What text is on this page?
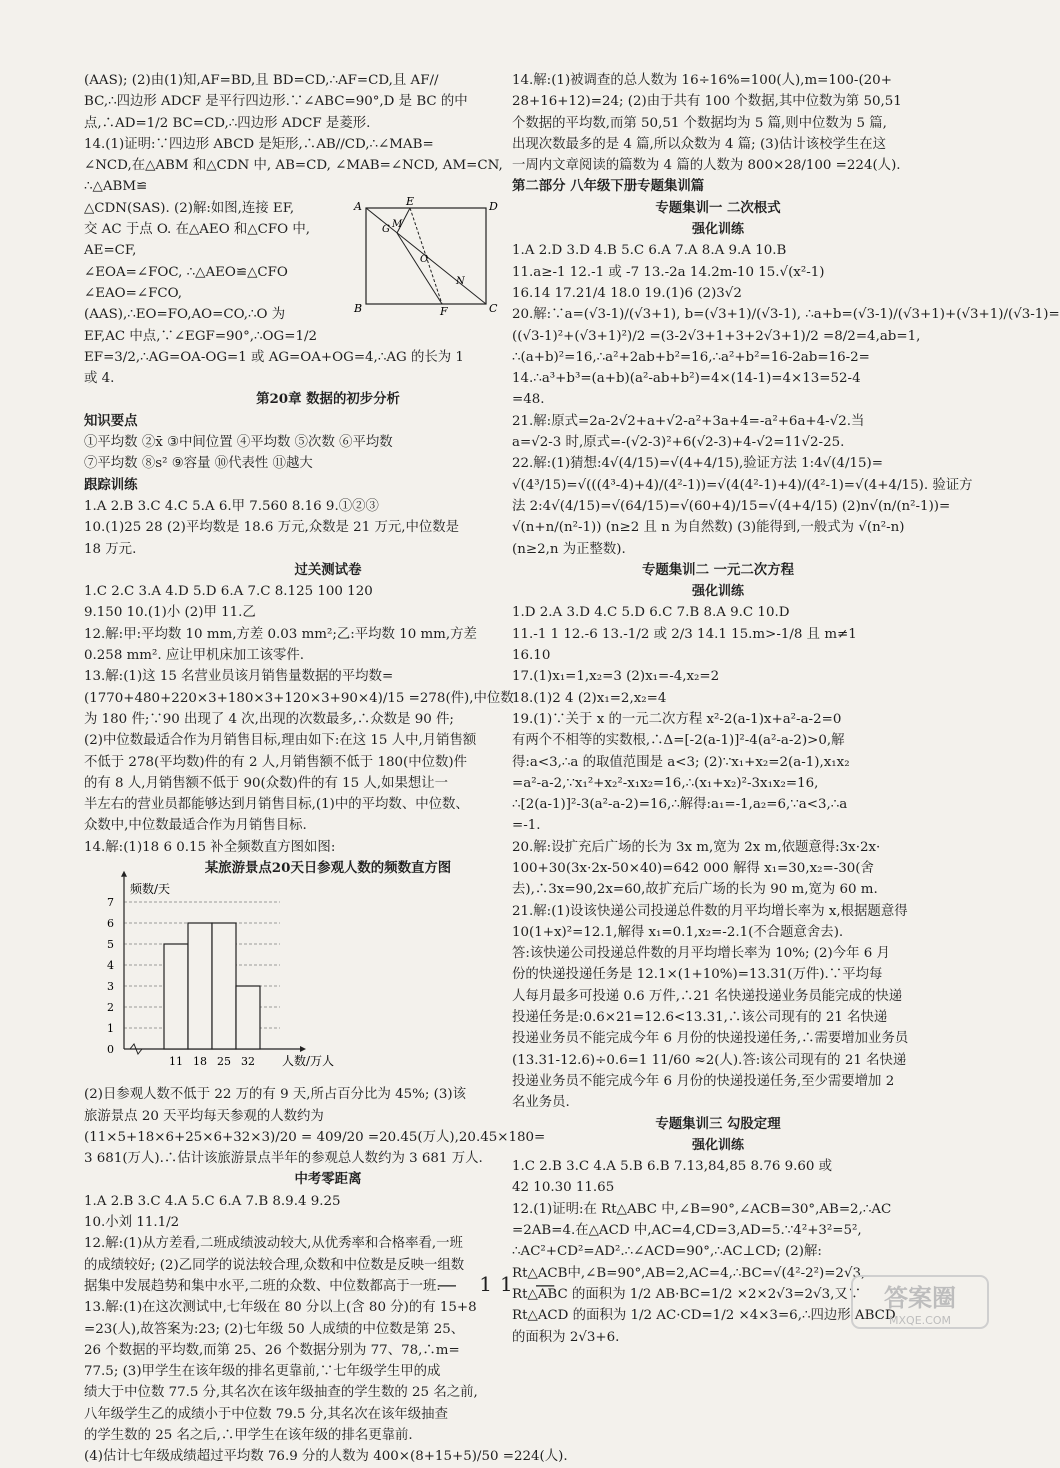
(AAS); (2)由(1)知,AF=BD,且 BD=CD,∴AF=CD,且 AF//
BC,∴四边形 ADCF 是平行四边形.∵∠ABC=90°,D 是 BC 的中
点,∴AD=1/2 BC=CD,∴四边形 ADCF 是菱形.
14.(1)证明:∵四边形 ABCD 是矩形,∴AB//CD,∴∠MAB=
∠NCD,在△ABM 和△CDN 中, AB=CD, ∠MAB=∠NCD, AM=CN,
∴△ABM≌
△CDN(SAS). (2)解:如图,连接 EF,
交 AC 于点 O. 在△AEO 和△CFO 中,
AE=CF,
∠EOA=∠FOC, ∴△AEO≌△CFO
∠EAO=∠FCO,
(AAS),∴EO=FO,AO=CO,∴O 为
EF,AC 中点,∵∠EGF=90°,∴OG=1/2
EF=3/2,∴AG=OA-OG=1 或 AG=OA+OG=4,∴AG 的长为 1
或 4.
第20章 数据的初步分析
知识要点
①平均数 ②x̄ ③中间位置 ④平均数 ⑤次数 ⑥平均数
⑦平均数 ⑧s² ⑨容量 ⑩代表性 ⑪越大
跟踪训练
1.A 2.B 3.C 4.C 5.A 6.甲 7.560 8.16 9.①②③
10.(1)25 28 (2)平均数是 18.6 万元,众数是 21 万元,中位数是
18 万元.
过关测试卷
1.C 2.C 3.A 4.D 5.D 6.A 7.C 8.125 100 120
9.150 10.(1)小 (2)甲 11.乙
12.解:甲:平均数 10 mm,方差 0.03 mm²;乙:平均数 10 mm,方差
0.258 mm². 应让甲机床加工该零件.
13.解:(1)这 15 名营业员该月销售量数据的平均数=
(1770+480+220×3+180×3+120×3+90×4)/15 =278(件),中位数
为 180 件;∵90 出现了 4 次,出现的次数最多,∴众数是 90 件;
(2)中位数最适合作为月销售目标,理由如下:在这 15 人中,月销售额
不低于 278(平均数)件的有 2 人,月销售额不低于 180(中位数)件
的有 8 人,月销售额不低于 90(众数)件的有 15 人,如果想让一
半左右的营业员都能够达到月销售目标,(1)中的平均数、中位数、
众数中,中位数最适合作为月销售目标.
14.解:(1)18 6 0.15 补全频数直方图如图:
某旅游景点20天日参观人数的频数直方图
0
1
2
3
4
5
6
7
11 18 25 32
频数/天
人数/万人
(2)日参观人数不低于 22 万的有 9 天,所占百分比为 45%; (3)该
旅游景点 20 天平均每天参观的人数约为
(11×5+18×6+25×6+32×3)/20 = 409/20 =20.45(万人),20.45×180=
3 681(万人).∴估计该旅游景点半年的参观总人数约为 3 681 万人.
中考零距离
1.A 2.B 3.C 4.A 5.C 6.A 7.B 8.9.4 9.25
10.小刘 11.1/2
12.解:(1)从方差看,二班成绩波动较大,从优秀率和合格率看,一班
的成绩较好; (2)乙同学的说法较合理,众数和中位数是反映一组数
据集中发展趋势和集中水平,二班的众数、中位数都高于一班.
13.解:(1)在这次测试中,七年级在 80 分以上(含 80 分)的有 15+8
=23(人),故答案为:23; (2)七年级 50 人成绩的中位数是第 25、
26 个数据的平均数,而第 25、26 个数据分别为 77、78,∴m=
77.5; (3)甲学生在该年级的排名更靠前,∵七年级学生甲的成
绩大于中位数 77.5 分,其名次在该年级抽查的学生数的 25 名之前,
八年级学生乙的成绩小于中位数 79.5 分,其名次在该年级抽查
的学生数的 25 名之后,∴甲学生在该年级的排名更靠前.
(4)估计七年级成绩超过平均数 76.9 分的人数为 400×(8+15+5)/50 =224(人).
A	E	D
G M
O
N
B	F	C
14.解:(1)被调查的总人数为 16÷16%=100(人),m=100-(20+
28+16+12)=24; (2)由于共有 100 个数据,其中位数为第 50,51
个数据的平均数,而第 50,51 个数据均为 5 篇,则中位数为 5 篇,
出现次数最多的是 4 篇,所以众数为 4 篇; (3)估计该校学生在这
一周内文章阅读的篇数为 4 篇的人数为 800×28/100 =224(人).
第二部分 八年级下册专题集训篇
专题集训一 二次根式
强化训练
1.A 2.D 3.D 4.B 5.C 6.A 7.A 8.A 9.A 10.B
11.a≥-1 12.-1 或 -7 13.-2a 14.2m-10 15.√(x²-1)
16.14 17.21/4 18.0 19.(1)6 (2)3√2
20.解:∵a=(√3-1)/(√3+1), b=(√3+1)/(√3-1), ∴a+b=(√3-1)/(√3+1)+(√3+1)/(√3-1)=
((√3-1)²+(√3+1)²)/2 =(3-2√3+1+3+2√3+1)/2 =8/2=4,ab=1,
∴(a+b)²=16,∴a²+2ab+b²=16,∴a²+b²=16-2ab=16-2=
14.∴a³+b³=(a+b)(a²-ab+b²)=4×(14-1)=4×13=52-4
=48.
21.解:原式=2a-2√2+a+√2-a²+3a+4=-a²+6a+4-√2.当
a=√2-3 时,原式=-(√2-3)²+6(√2-3)+4-√2=11√2-25.
22.解:(1)猜想:4√(4/15)=√(4+4/15),验证方法 1:4√(4/15)=
√(4³/15)=√(((4³-4)+4)/(4²-1))=√(4(4²-1)+4)/(4²-1)=√(4+4/15). 验证方
法 2:4√(4/15)=√(64/15)=√(60+4)/15=√(4+4/15) (2)n√(n/(n²-1))=
√(n+n/(n²-1)) (n≥2 且 n 为自然数) (3)能得到,一般式为 √(n²-n)
(n≥2,n 为正整数).
专题集训二 一元二次方程
强化训练
1.D 2.A 3.D 4.C 5.D 6.C 7.B 8.A 9.C 10.D
11.-1 1 12.-6 13.-1/2 或 2/3 14.1 15.m>-1/8 且 m≠1
16.10
17.(1)x₁=1,x₂=3 (2)x₁=-4,x₂=2
18.(1)2 4 (2)x₁=2,x₂=4
19.(1)∵关于 x 的一元二次方程 x²-2(a-1)x+a²-a-2=0
有两个不相等的实数根,∴Δ=[-2(a-1)]²-4(a²-a-2)>0,解
得:a<3,∴a 的取值范围是 a<3; (2)∵x₁+x₂=2(a-1),x₁x₂
=a²-a-2,∵x₁²+x₂²-x₁x₂=16,∴(x₁+x₂)²-3x₁x₂=16,
∴[2(a-1)]²-3(a²-a-2)=16,∴解得:a₁=-1,a₂=6,∵a<3,∴a
=-1.
20.解:设扩充后广场的长为 3x m,宽为 2x m,依题意得:3x·2x·
100+30(3x·2x-50×40)=642 000 解得 x₁=30,x₂=-30(舍
去),∴3x=90,2x=60,故扩充后广场的长为 90 m,宽为 60 m.
21.解:(1)设该快递公司投递总件数的月平均增长率为 x,根据题意得
10(1+x)²=12.1,解得 x₁=0.1,x₂=-2.1(不合题意舍去).
答:该快递公司投递总件数的月平均增长率为 10%; (2)今年 6 月
份的快递投递任务是 12.1×(1+10%)=13.31(万件).∵平均每
人每月最多可投递 0.6 万件,∴21 名快递投递业务员能完成的快递
投递任务是:0.6×21=12.6<13.31,∴该公司现有的 21 名快递
投递业务员不能完成今年 6 月份的快递投递任务,∴需要增加业务员
(13.31-12.6)÷0.6=1 11/60 ≈2(人).答:该公司现有的 21 名快递
投递业务员不能完成今年 6 月份的快递投递任务,至少需要增加 2
名业务员.
专题集训三 勾股定理
强化训练
1.C 2.B 3.C 4.A 5.B 6.B 7.13,84,85 8.76 9.60 或
42 10.30 11.65
12.(1)证明:在 Rt△ABC 中,∠B=90°,∠ACB=30°,AB=2,∴AC
=2AB=4.在△ACD 中,AC=4,CD=3,AD=5.∵4²+3²=5²,
∴AC²+CD²=AD².∴∠ACD=90°,∴AC⊥CD; (2)解:
Rt△ACB中,∠B=90°,AB=2,AC=4,∴BC=√(4²-2²)=2√3,
Rt△ABC 的面积为 1/2 AB·BC=1/2 ×2×2√3=2√3,又∵
Rt△ACD 的面积为 1/2 AC·CD=1/2 ×4×3=6,∴四边形 ABCD
的面积为 2√3+6.
— 11 —	答案圈
MXQE.COM
